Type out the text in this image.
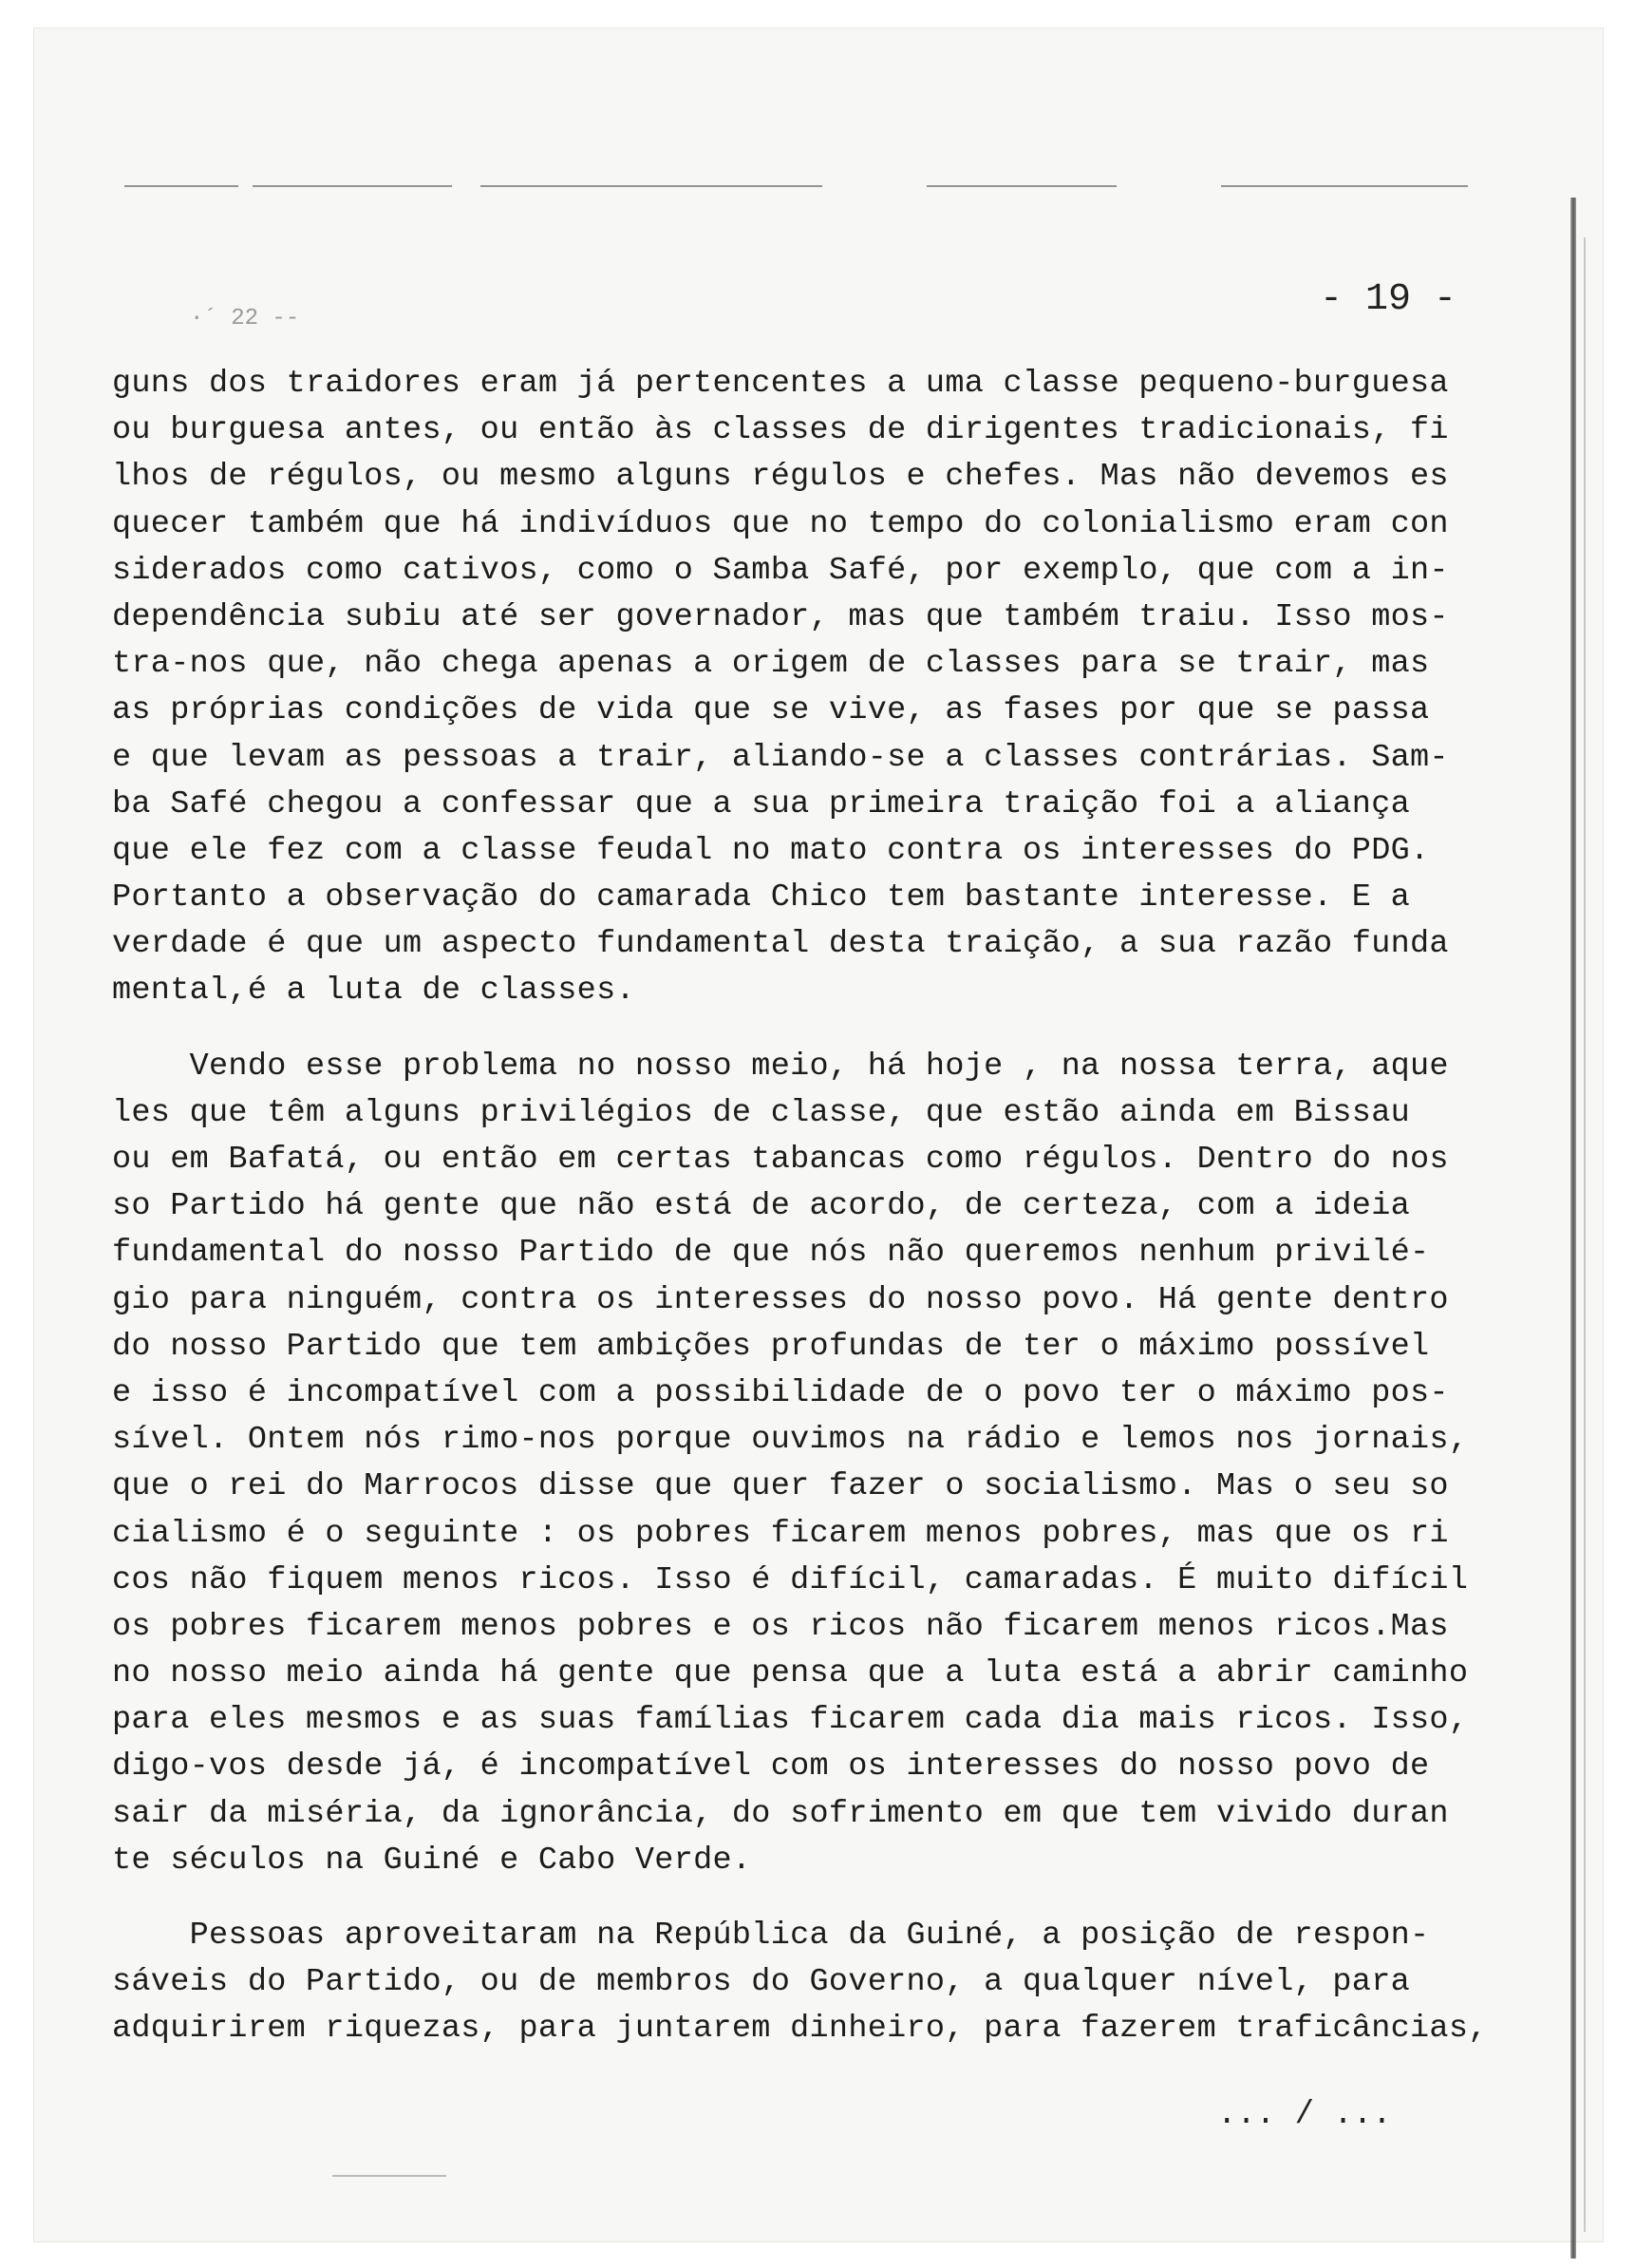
·´ 22 --	- 19 -
guns dos traidores eram já pertencentes a uma classe pequeno-burguesa
ou burguesa antes, ou então às classes de dirigentes tradicionais, fi
lhos de régulos, ou mesmo alguns régulos e chefes. Mas não devemos es
quecer também que há indivíduos que no tempo do colonialismo eram con
siderados como cativos, como o Samba Safé, por exemplo, que com a in-
dependência subiu até ser governador, mas que também traiu. Isso mos-
tra-nos que, não chega apenas a origem de classes para se trair, mas
as próprias condições de vida que se vive, as fases por que se passa
e que levam as pessoas a trair, aliando-se a classes contrárias. Sam-
ba Safé chegou a confessar que a sua primeira traição foi a aliança
que ele fez com a classe feudal no mato contra os interesses do PDG.
Portanto a observação do camarada Chico tem bastante interesse. E a
verdade é que um aspecto fundamental desta traição, a sua razão funda
mental,é a luta de classes.
Vendo esse problema no nosso meio, há hoje , na nossa terra, aque
les que têm alguns privilégios de classe, que estão ainda em Bissau
ou em Bafatá, ou então em certas tabancas como régulos. Dentro do nos
so Partido há gente que não está de acordo, de certeza, com a ideia
fundamental do nosso Partido de que nós não queremos nenhum privilé-
gio para ninguém, contra os interesses do nosso povo. Há gente dentro
do nosso Partido que tem ambições profundas de ter o máximo possível
e isso é incompatível com a possibilidade de o povo ter o máximo pos-
sível. Ontem nós rimo-nos porque ouvimos na rádio e lemos nos jornais,
que o rei do Marrocos disse que quer fazer o socialismo. Mas o seu so
cialismo é o seguinte : os pobres ficarem menos pobres, mas que os ri
cos não fiquem menos ricos. Isso é difícil, camaradas. É muito difícil
os pobres ficarem menos pobres e os ricos não ficarem menos ricos.Mas
no nosso meio ainda há gente que pensa que a luta está a abrir caminho
para eles mesmos e as suas famílias ficarem cada dia mais ricos. Isso,
digo-vos desde já, é incompatível com os interesses do nosso povo de
sair da miséria, da ignorância, do sofrimento em que tem vivido duran
te séculos na Guiné e Cabo Verde.
Pessoas aproveitaram na República da Guiné, a posição de respon-
sáveis do Partido, ou de membros do Governo, a qualquer nível, para
adquirirem riquezas, para juntarem dinheiro, para fazerem traficâncias,
... / ...
